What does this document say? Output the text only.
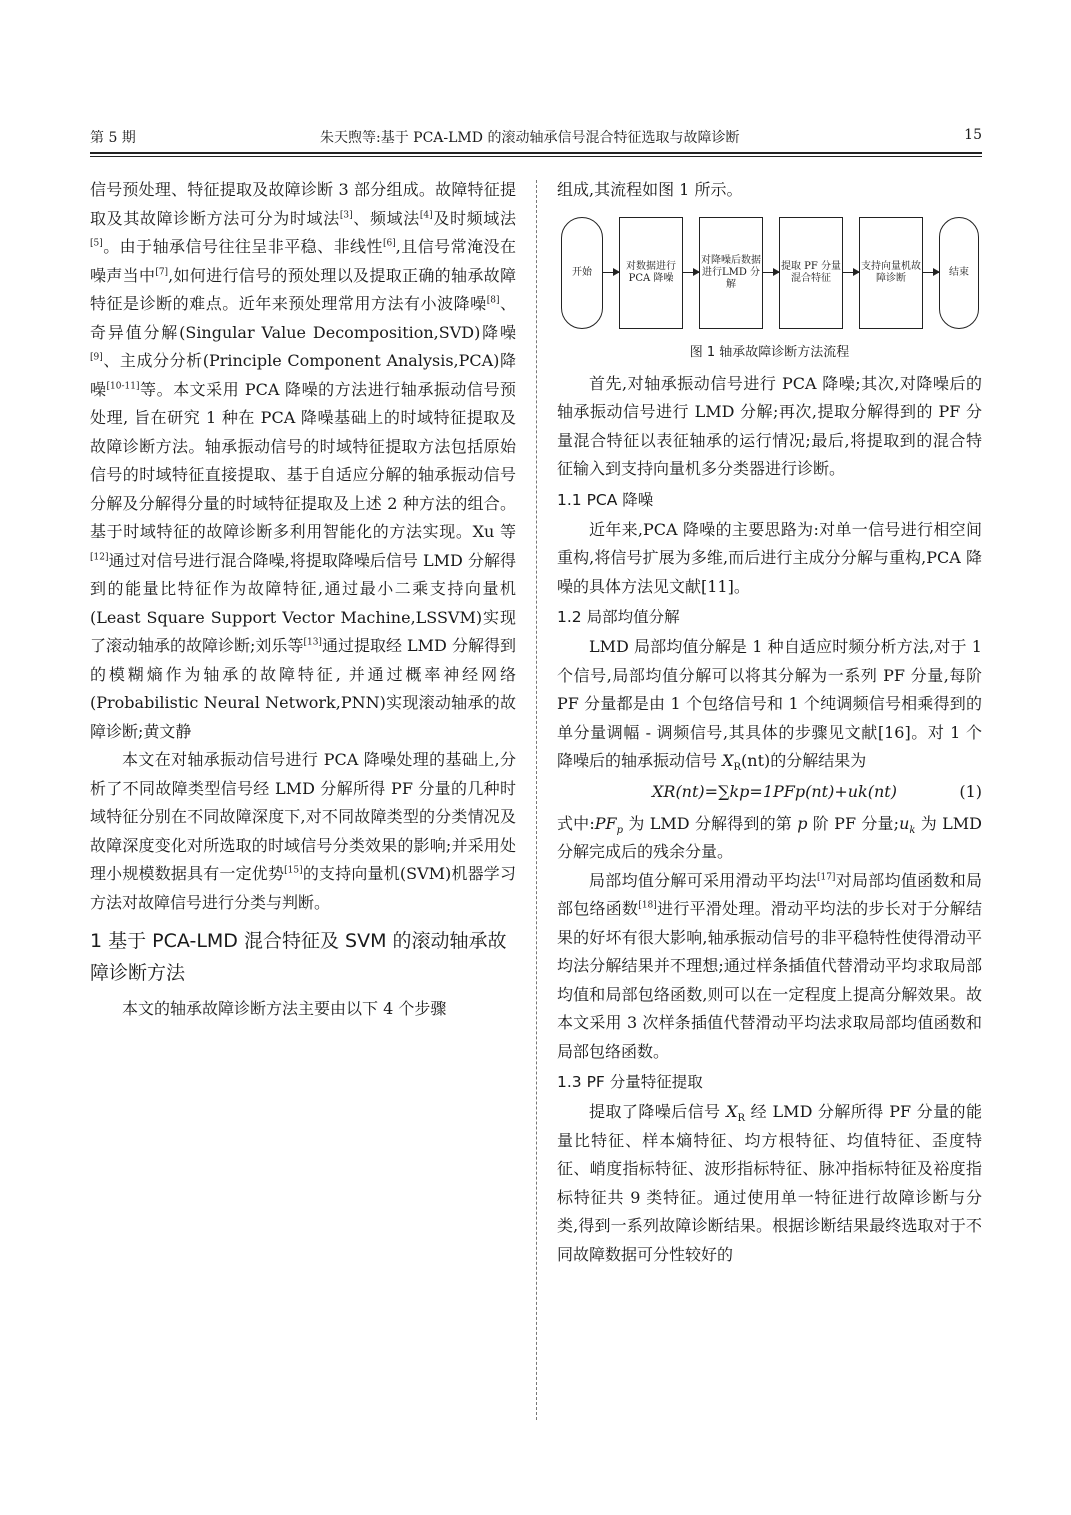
第 5 期	朱天煦等:基于 PCA-LMD 的滚动轴承信号混合特征选取与故障诊断	15

信号预处理、特征提取及故障诊断 3 部分组成。故障特征提取及其故障诊断方法可分为时域法[3]、频域法[4]及时频域法[5]。由于轴承信号往往呈非平稳、非线性[6],且信号常淹没在噪声当中[7],如何进行信号的预处理以及提取正确的轴承故障特征是诊断的难点。近年来预处理常用方法有小波降噪[8]、奇异值分解(Singular Value Decomposition,SVD)降噪[9]、主成分分析(Principle Component Analysis,PCA)降噪[10-11]等。本文采用 PCA 降噪的方法进行轴承振动信号预处理, 旨在研究 1 种在 PCA 降噪基础上的时域特征提取及故障诊断方法。轴承振动信号的时域特征提取方法包括原始信号的时域特征直接提取、基于自适应分解的轴承振动信号分解及分解得分量的时域特征提取及上述 2 种方法的组合。基于时域特征的故障诊断多利用智能化的方法实现。Xu 等[12]通过对信号进行混合降噪,将提取降噪后信号 LMD 分解得到的能量比特征作为故障特征,通过最小二乘支持向量机(Least Square Support Vector Machine,LSSVM)实现了滚动轴承的故障诊断;刘乐等[13]通过提取经 LMD 分解得到的模糊熵作为轴承的故障特征, 并通过概率神经网络(Probabilistic Neural Network,PNN)实现滚动轴承的故障诊断;黄文静

本文在对轴承振动信号进行 PCA 降噪处理的基础上,分析了不同故障类型信号经 LMD 分解所得 PF 分量的几种时域特征分别在不同故障深度下,对不同故障类型的分类情况及故障深度变化对所选取的时域信号分类效果的影响;并采用处理小规模数据具有一定优势[15]的支持向量机(SVM)机器学习方法对故障信号进行分类与判断。

1 基于 PCA-LMD 混合特征及 SVM 的滚动轴承故障诊断方法

本文的轴承故障诊断方法主要由以下 4 个步骤

组成,其流程如图 1 所示。

开始
对数据进行PCA 降噪
对降噪后数据进行LMD 分解
提取 PF 分量混合特征
支持向量机故障诊断
结束
图 1 轴承故障诊断方法流程

首先,对轴承振动信号进行 PCA 降噪;其次,对降噪后的轴承振动信号进行 LMD 分解;再次,提取分解得到的 PF 分量混合特征以表征轴承的运行情况;最后,将提取到的混合特征输入到支持向量机多分类器进行诊断。

1.1 PCA 降噪

近年来,PCA 降噪的主要思路为:对单一信号进行相空间重构,将信号扩展为多维,而后进行主成分分解与重构,PCA 降噪的具体方法见文献[11]。

1.2 局部均值分解

LMD 局部均值分解是 1 种自适应时频分析方法,对于 1 个信号,局部均值分解可以将其分解为一系列 PF 分量,每阶 PF 分量都是由 1 个包络信号和 1 个纯调频信号相乘得到的单分量调幅 - 调频信号,其具体的步骤见文献[16]。对 1 个降噪后的轴承振动信号 $X_R(nt)$的分解结果为

XR(nt)=∑kp=1PFp(nt)+uk(nt)	(1)

式中$:PF_p$ 为 LMD 分解得到的第 p 阶 PF 分量$;u_k$ 为 LMD 分解完成后的残余分量。

局部均值分解可采用滑动平均法[17]对局部均值函数和局部包络函数[18]进行平滑处理。滑动平均法的步长对于分解结果的好坏有很大影响,轴承振动信号的非平稳特性使得滑动平均法分解结果并不理想;通过样条插值代替滑动平均求取局部均值和局部包络函数,则可以在一定程度上提高分解效果。故本文采用 3 次样条插值代替滑动平均法求取局部均值函数和局部包络函数。

1.3 PF 分量特征提取

提取了降噪后信号 $X_R$ 经 LMD 分解所得 PF 分量的能量比特征、样本熵特征、均方根特征、均值特征、歪度特征、峭度指标特征、波形指标特征、脉冲指标特征及裕度指标特征共 9 类特征。通过使用单一特征进行故障诊断与分类,得到一系列故障诊断结果。根据诊断结果最终选取对于不同故障数据可分性较好的
